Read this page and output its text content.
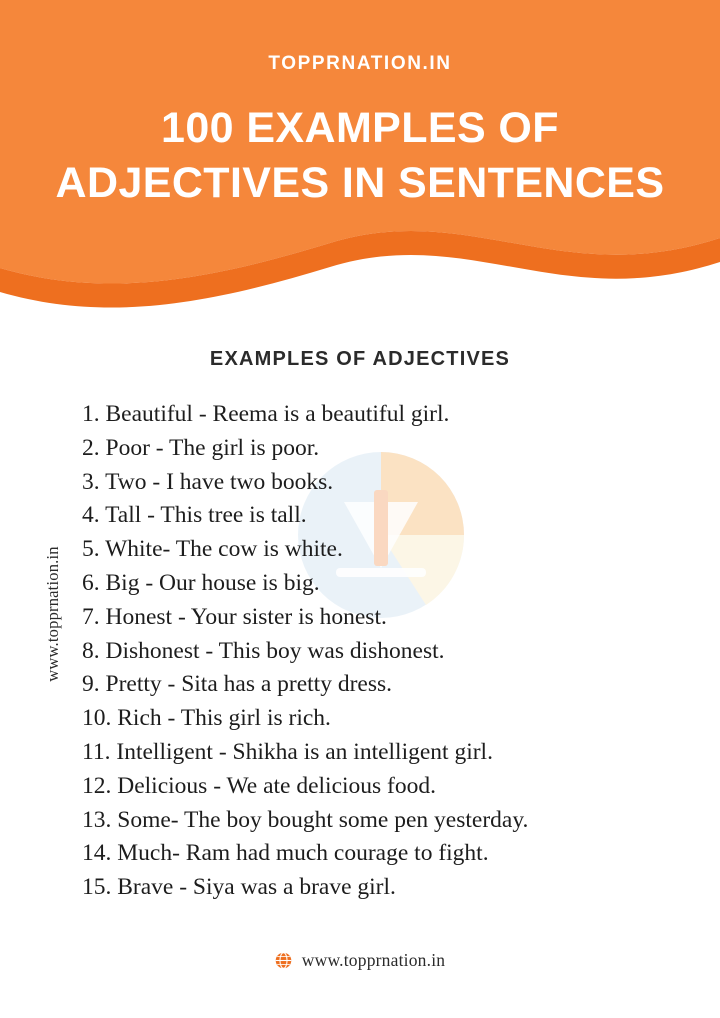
TOPPRNATION.IN
100 EXAMPLES OF
ADJECTIVES IN SENTENCES
EXAMPLES OF ADJECTIVES
www.topprnation.in
1. Beautiful - Reema is a beautiful girl.
2. Poor - The girl is poor.
3. Two - I have two books.
4. Tall - This tree is tall.
5. White- The cow is white.
6. Big - Our house is big.
7. Honest - Your sister is honest.
8. Dishonest - This boy was dishonest.
9. Pretty - Sita has a pretty dress.
10. Rich - This girl is rich.
11. Intelligent - Shikha is an intelligent girl.
12. Delicious - We ate delicious food.
13. Some- The boy bought some pen yesterday.
14. Much- Ram had much courage to fight.
15. Brave - Siya was a brave girl.
www.topprnation.in
